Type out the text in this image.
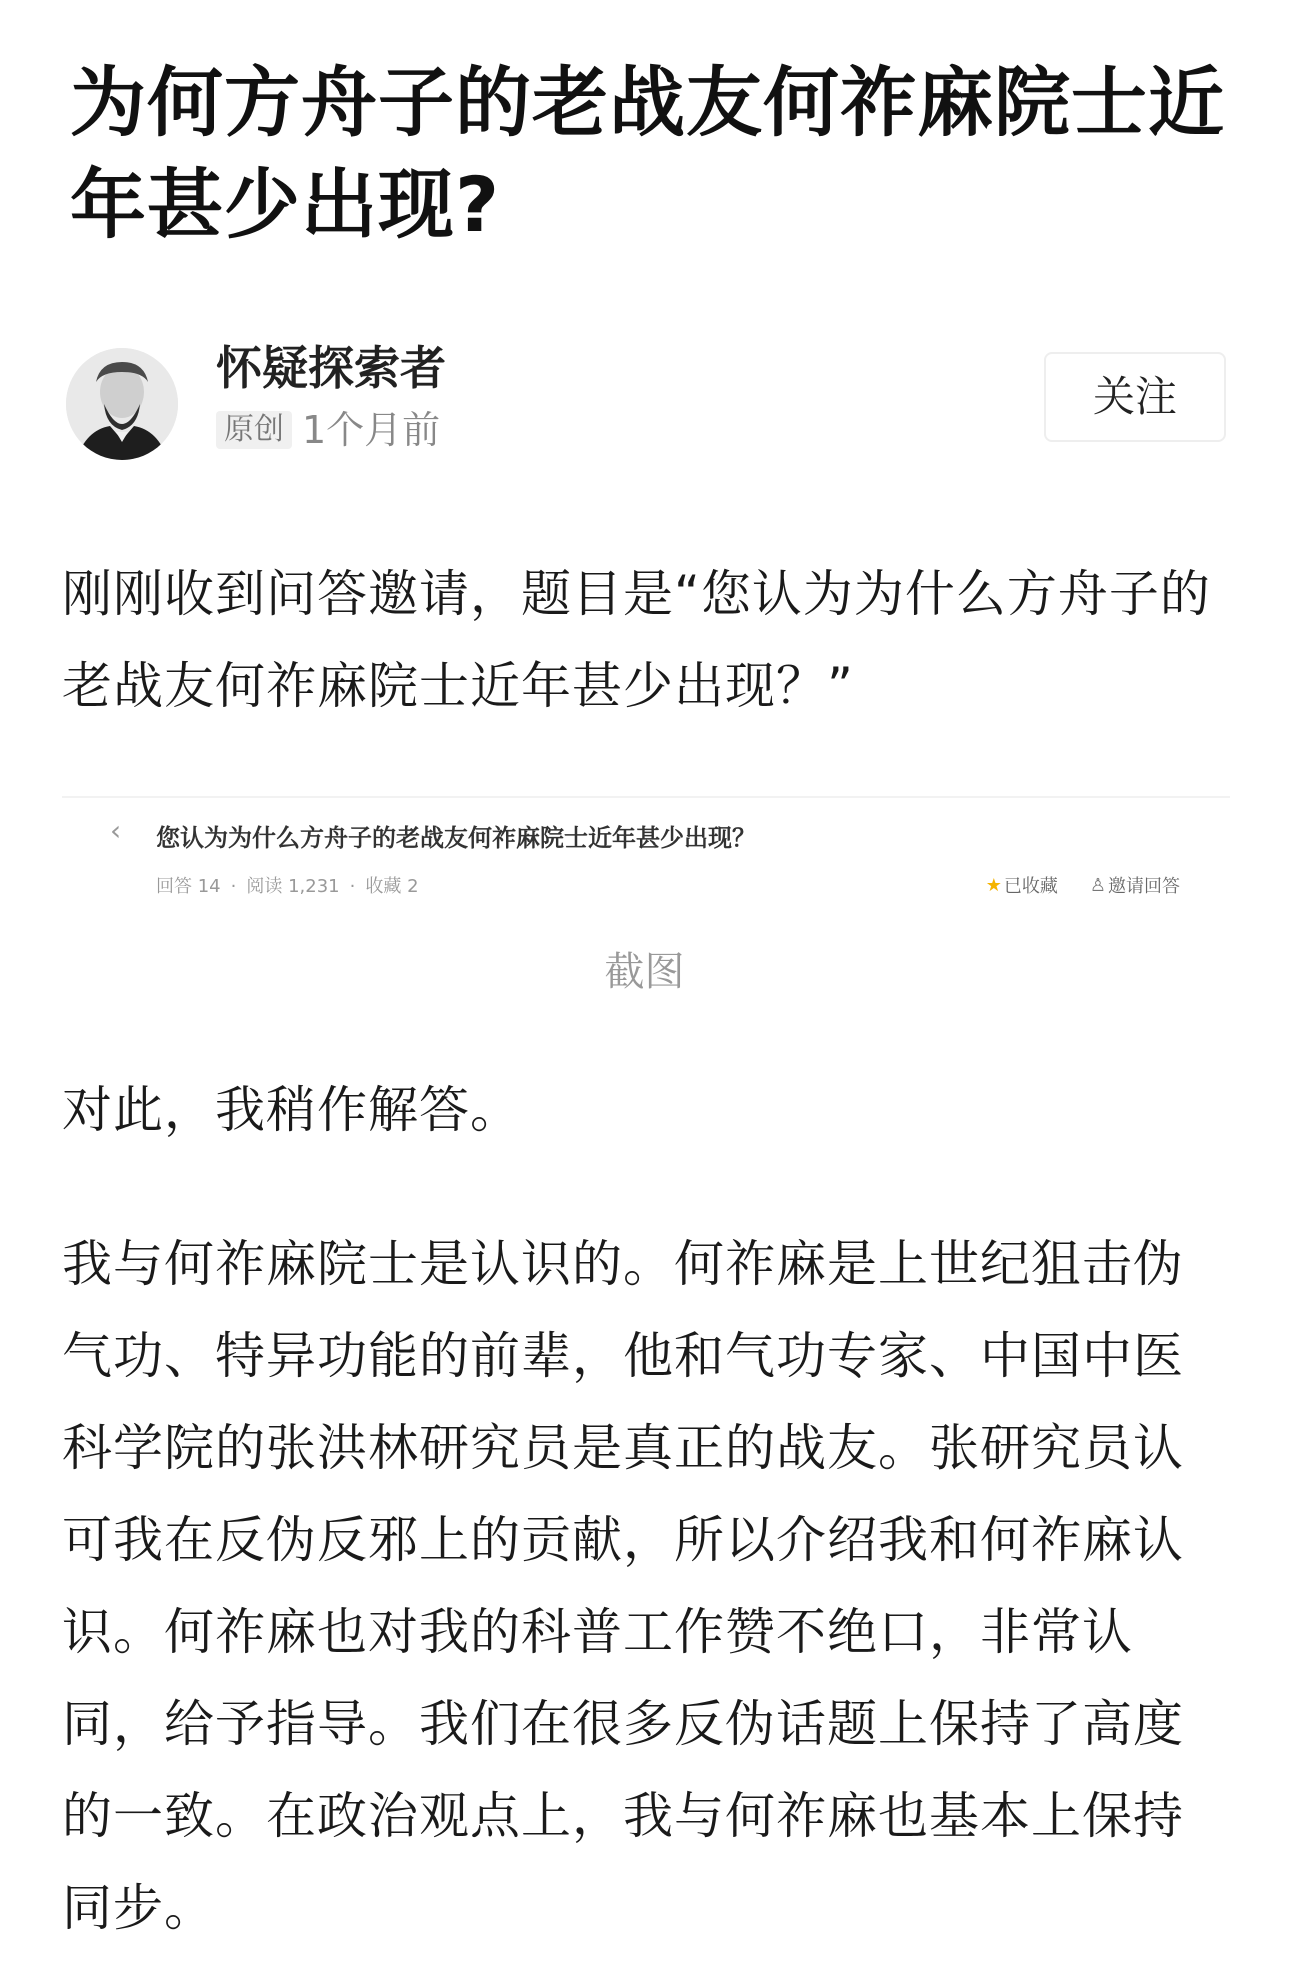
为何方舟子的老战友何祚麻院士近年甚少出现?
怀疑探索者
原创 1个月前
关注

刚刚收到问答邀请，题目是“您认为为什么方舟子的老战友何祚麻院士近年甚少出现？”

‹ 您认为为什么方舟子的老战友何祚麻院士近年甚少出现？
回答 14 · 阅读 1,231 · 收藏 2	★ 已收藏 ♙ 邀请回答
截图

对此，我稍作解答。

我与何祚麻院士是认识的。何祚麻是上世纪狙击伪气功、特异功能的前辈，他和气功专家、中国中医科学院的张洪林研究员是真正的战友。张研究员认可我在反伪反邪上的贡献，所以介绍我和何祚麻认识。何祚麻也对我的科普工作赞不绝口，非常认同，给予指导。我们在很多反伪话题上保持了高度的一致。在政治观点上，我与何祚麻也基本上保持同步。
